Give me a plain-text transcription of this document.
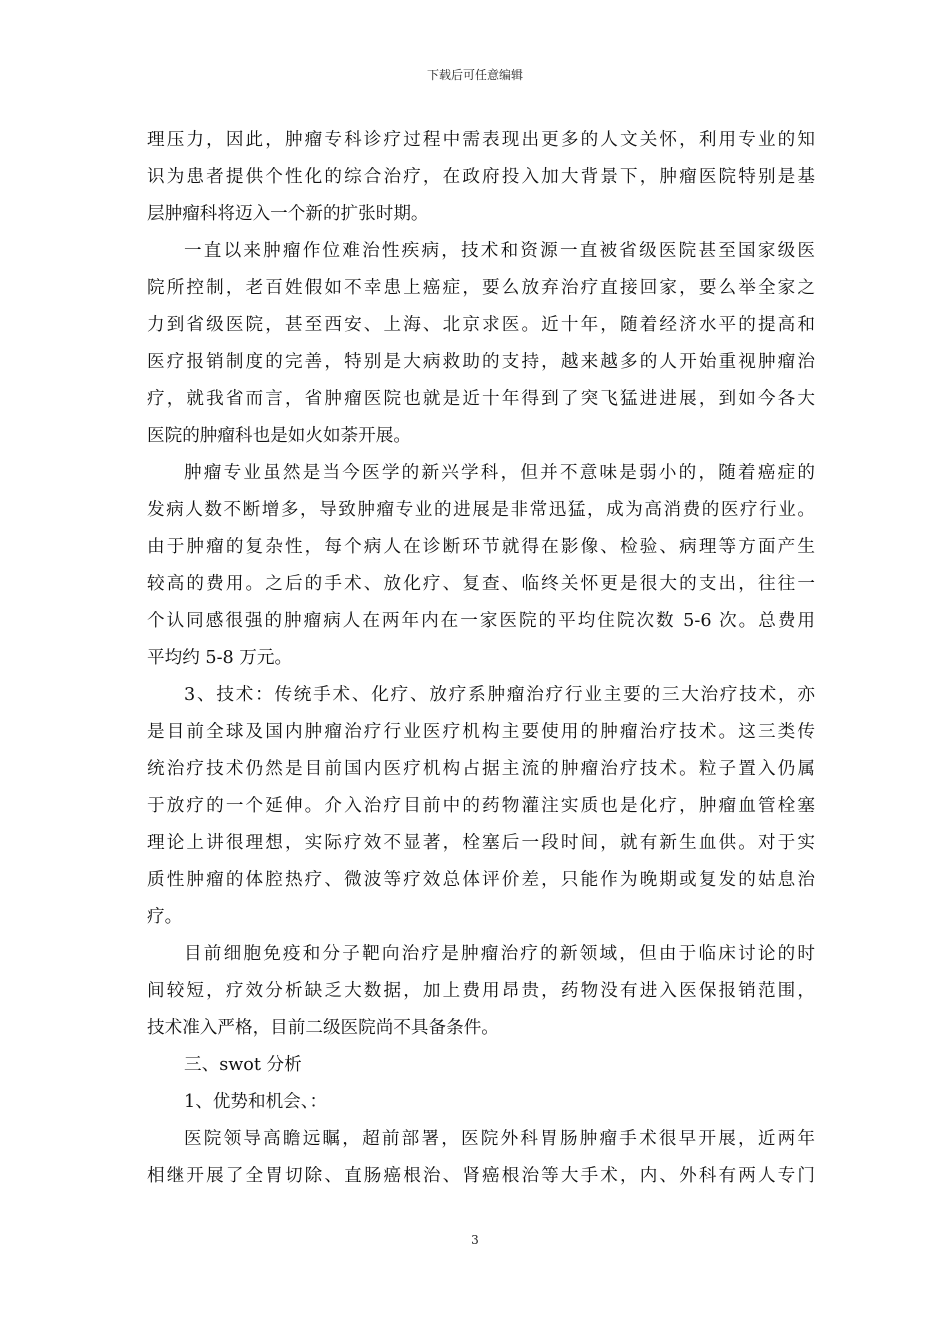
下载后可任意编辑
理压力，因此，肿瘤专科诊疗过程中需表现出更多的人文关怀，利用专业的知
识为患者提供个性化的综合治疗，在政府投入加大背景下，肿瘤医院特别是基
层肿瘤科将迈入一个新的扩张时期。
一直以来肿瘤作位难治性疾病，技术和资源一直被省级医院甚至国家级医
院所控制，老百姓假如不幸患上癌症，要么放弃治疗直接回家，要么举全家之
力到省级医院，甚至西安、上海、北京求医。近十年，随着经济水平的提高和
医疗报销制度的完善，特别是大病救助的支持，越来越多的人开始重视肿瘤治
疗，就我省而言，省肿瘤医院也就是近十年得到了突飞猛进进展，到如今各大
医院的肿瘤科也是如火如荼开展。
肿瘤专业虽然是当今医学的新兴学科，但并不意味是弱小的，随着癌症的
发病人数不断增多，导致肿瘤专业的进展是非常迅猛，成为高消费的医疗行业。
由于肿瘤的复杂性，每个病人在诊断环节就得在影像、检验、病理等方面产生
较高的费用。之后的手术、放化疗、复查、临终关怀更是很大的支出，往往一
个认同感很强的肿瘤病人在两年内在一家医院的平均住院次数 5-6 次。总费用
平均约 5-8 万元。
3、技术：传统手术、化疗、放疗系肿瘤治疗行业主要的三大治疗技术，亦
是目前全球及国内肿瘤治疗行业医疗机构主要使用的肿瘤治疗技术。这三类传
统治疗技术仍然是目前国内医疗机构占据主流的肿瘤治疗技术。粒子置入仍属
于放疗的一个延伸。介入治疗目前中的药物灌注实质也是化疗，肿瘤血管栓塞
理论上讲很理想，实际疗效不显著，栓塞后一段时间，就有新生血供。对于实
质性肿瘤的体腔热疗、微波等疗效总体评价差，只能作为晚期或复发的姑息治
疗。
目前细胞免疫和分子靶向治疗是肿瘤治疗的新领域，但由于临床讨论的时
间较短，疗效分析缺乏大数据，加上费用昂贵，药物没有进入医保报销范围，
技术准入严格，目前二级医院尚不具备条件。
三、swot 分析
1、优势和机会、：
医院领导高瞻远瞩，超前部署，医院外科胃肠肿瘤手术很早开展，近两年
相继开展了全胃切除、直肠癌根治、肾癌根治等大手术，内、外科有两人专门
3
